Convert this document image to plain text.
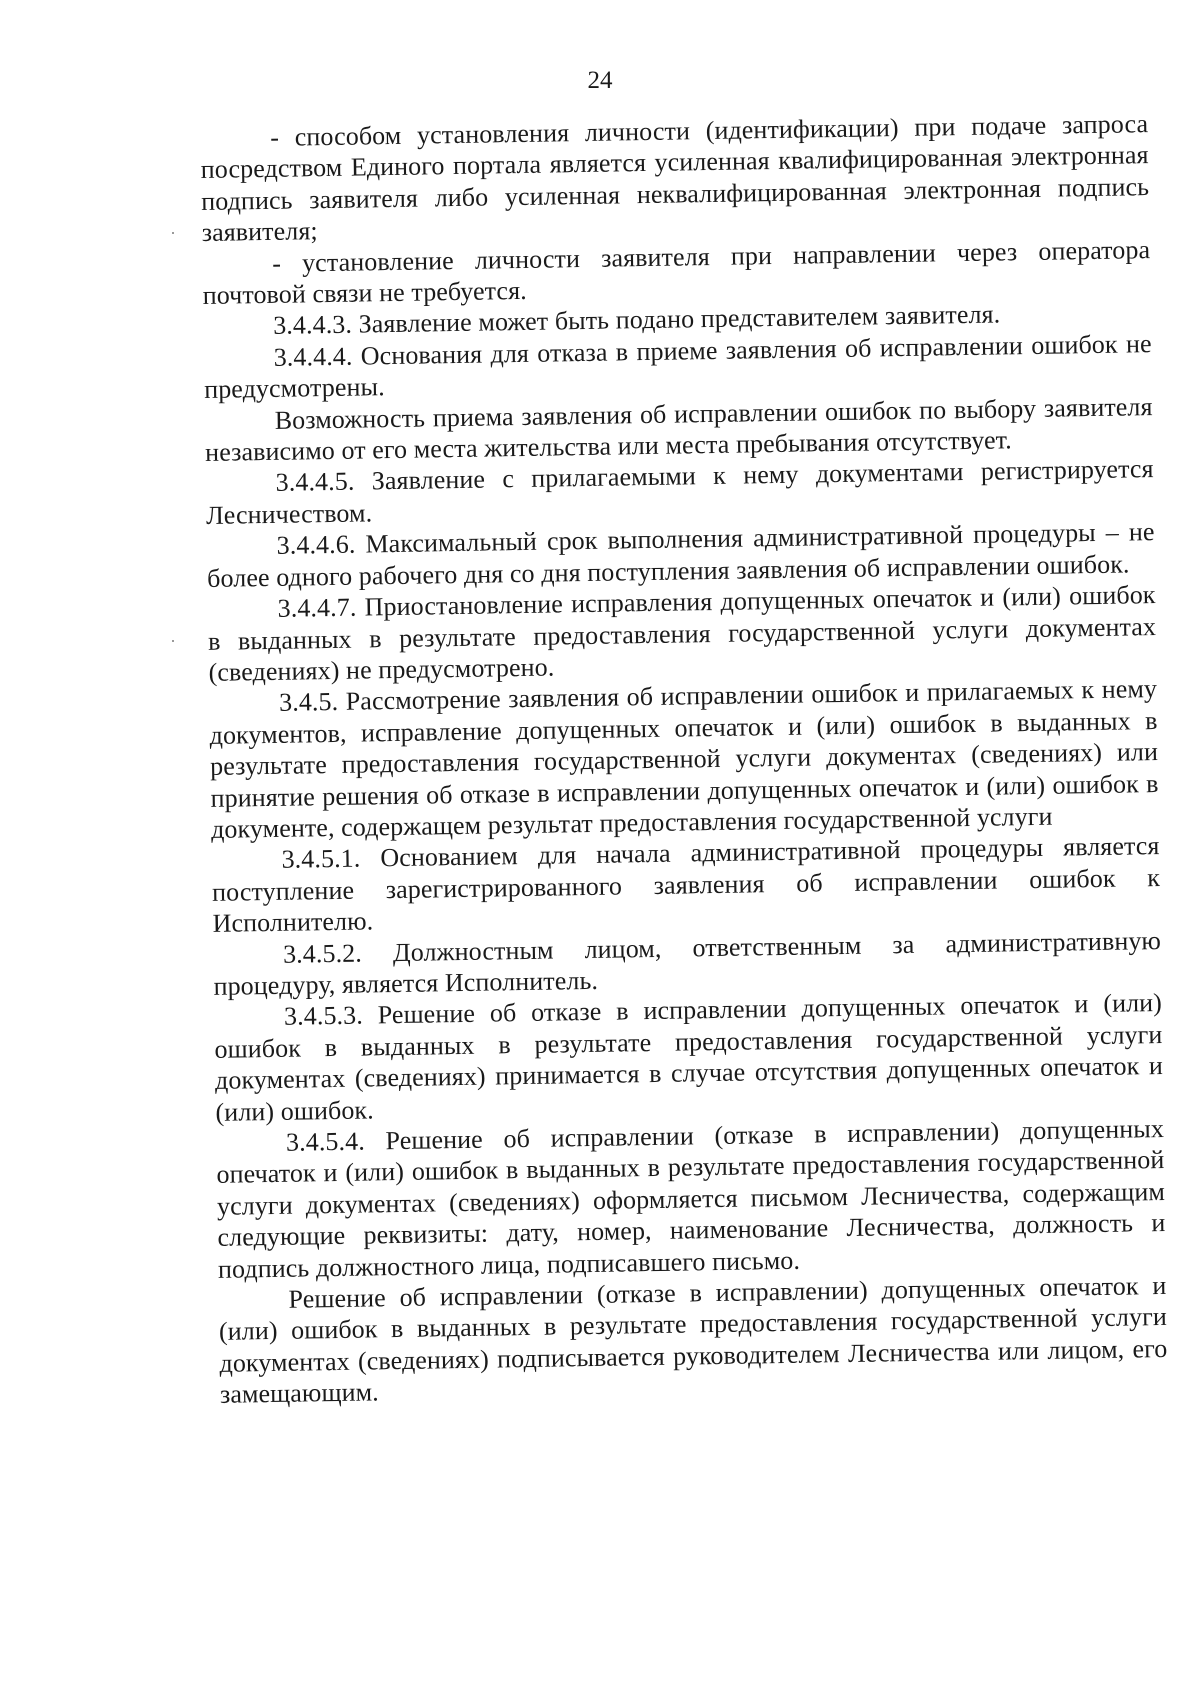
24

- способом установления личности (идентификации) при подаче запроса посредством Единого портала является усиленная квалифицированная электронная подпись заявителя либо усиленная неквалифицированная электронная подпись заявителя;

- установление личности заявителя при направлении через оператора почтовой связи не требуется.

3.4.4.3. Заявление может быть подано представителем заявителя.

3.4.4.4. Основания для отказа в приеме заявления об исправлении ошибок не предусмотрены.

Возможность приема заявления об исправлении ошибок по выбору заявителя независимо от его места жительства или места пребывания отсутствует.

3.4.4.5. Заявление с прилагаемыми к нему документами регистрируется Лесничеством.

3.4.4.6. Максимальный срок выполнения административной процедуры – не более одного рабочего дня со дня поступления заявления об исправлении ошибок.

3.4.4.7. Приостановление исправления допущенных опечаток и (или) ошибок в выданных в результате предоставления государственной услуги документах (сведениях) не предусмотрено.

3.4.5. Рассмотрение заявления об исправлении ошибок и прилагаемых к нему документов, исправление допущенных опечаток и (или) ошибок в выданных в результате предоставления государственной услуги документах (сведениях) или принятие решения об отказе в исправлении допущенных опечаток и (или) ошибок в документе, содержащем результат предоставления государственной услуги

3.4.5.1. Основанием для начала административной процедуры является поступление зарегистрированного заявления об исправлении ошибок к Исполнителю.

3.4.5.2. Должностным лицом, ответственным за административную процедуру, является Исполнитель.

3.4.5.3. Решение об отказе в исправлении допущенных опечаток и (или) ошибок в выданных в результате предоставления государственной услуги документах (сведениях) принимается в случае отсутствия допущенных опечаток и (или) ошибок.

3.4.5.4. Решение об исправлении (отказе в исправлении) допущенных опечаток и (или) ошибок в выданных в результате предоставления государственной услуги документах (сведениях) оформляется письмом Лесничества, содержащим следующие реквизиты: дату, номер, наименование Лесничества, должность и подпись должностного лица, подписавшего письмо.

Решение об исправлении (отказе в исправлении) допущенных опечаток и (или) ошибок в выданных в результате предоставления государственной услуги документах (сведениях) подписывается руководителем Лесничества или лицом, его замещающим.
